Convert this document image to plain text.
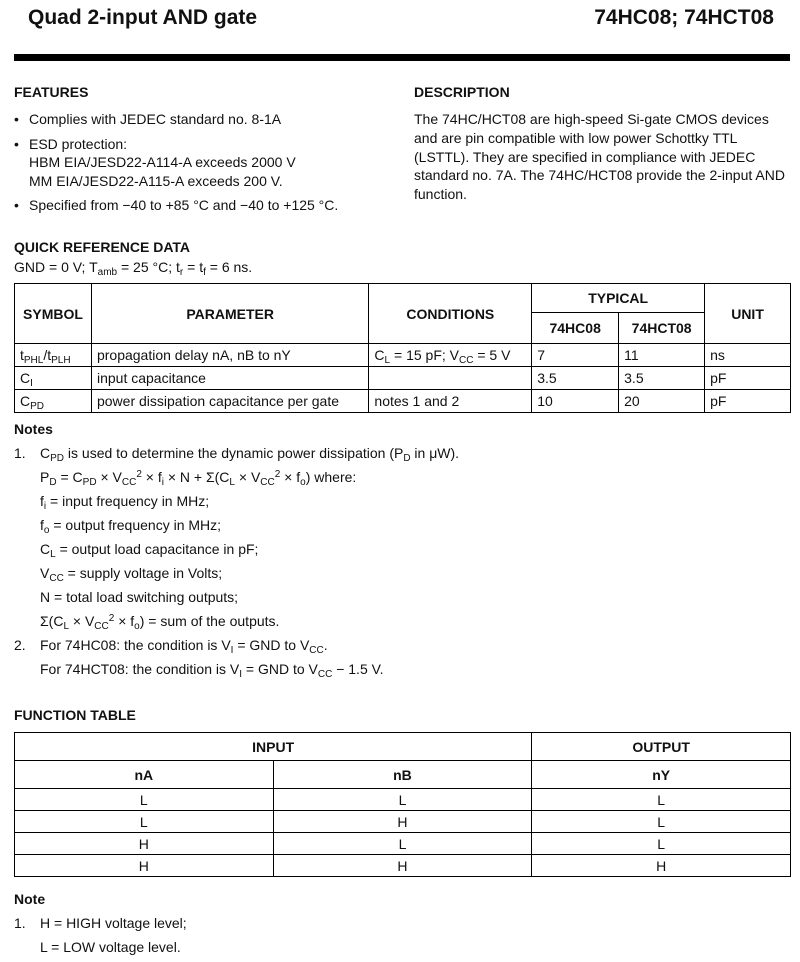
Quad 2-input AND gate	74HC08; 74HCT08
FEATURES
• Complies with JEDEC standard no. 8-1A
• ESD protection:
HBM EIA/JESD22-A114-A exceeds 2000 V
MM EIA/JESD22-A115-A exceeds 200 V.
• Specified from −40 to +85 °C and −40 to +125 °C.
DESCRIPTION
The 74HC/HCT08 are high-speed Si-gate CMOS devices and are pin compatible with low power Schottky TTL (LSTTL). They are specified in compliance with JEDEC standard no. 7A. The 74HC/HCT08 provide the 2-input AND function.
QUICK REFERENCE DATA
GND = 0 V; $T_{amb} = 25$ °C; $t_r = t_f = 6$ ns.
SYMBOL	PARAMETER	CONDITIONS	TYPICAL		UNIT
			74HC08	74HCT08	
$t_{PHL}/t_{PLH}$	propagation delay nA, nB to nY	$C_L = 15$ pF; $V_{CC} = 5$ V	7	11	ns
$C_I$	input capacitance		3.5	3.5	pF
$C_{PD}$	power dissipation capacitance per gate	notes 1 and 2	10	20	pF
Notes
1. $C_{PD}$ is used to determine the dynamic power dissipation ($P_D$ in μW).
$P_D = C_{PD} \times V_{CC}^2 \times f_i \times N + \Sigma(C_L \times V_{CC}^2 \times f_o)$ where:
$f_i$ = input frequency in MHz;
$f_o$ = output frequency in MHz;
$C_L$ = output load capacitance in pF;
$V_{CC}$ = supply voltage in Volts;
N = total load switching outputs;
$\Sigma(C_L \times V_{CC}^2 \times f_o)$ = sum of the outputs.
2. For 74HC08: the condition is $V_I$ = GND to $V_{CC}$.
For 74HCT08: the condition is $V_I$ = GND to $V_{CC} - 1.5$ V.
FUNCTION TABLE
INPUT		OUTPUT
nA	nB	nY
L	L	L
L	H	L
H	L	L
H	H	H
Note
1. H = HIGH voltage level;
L = LOW voltage level.
